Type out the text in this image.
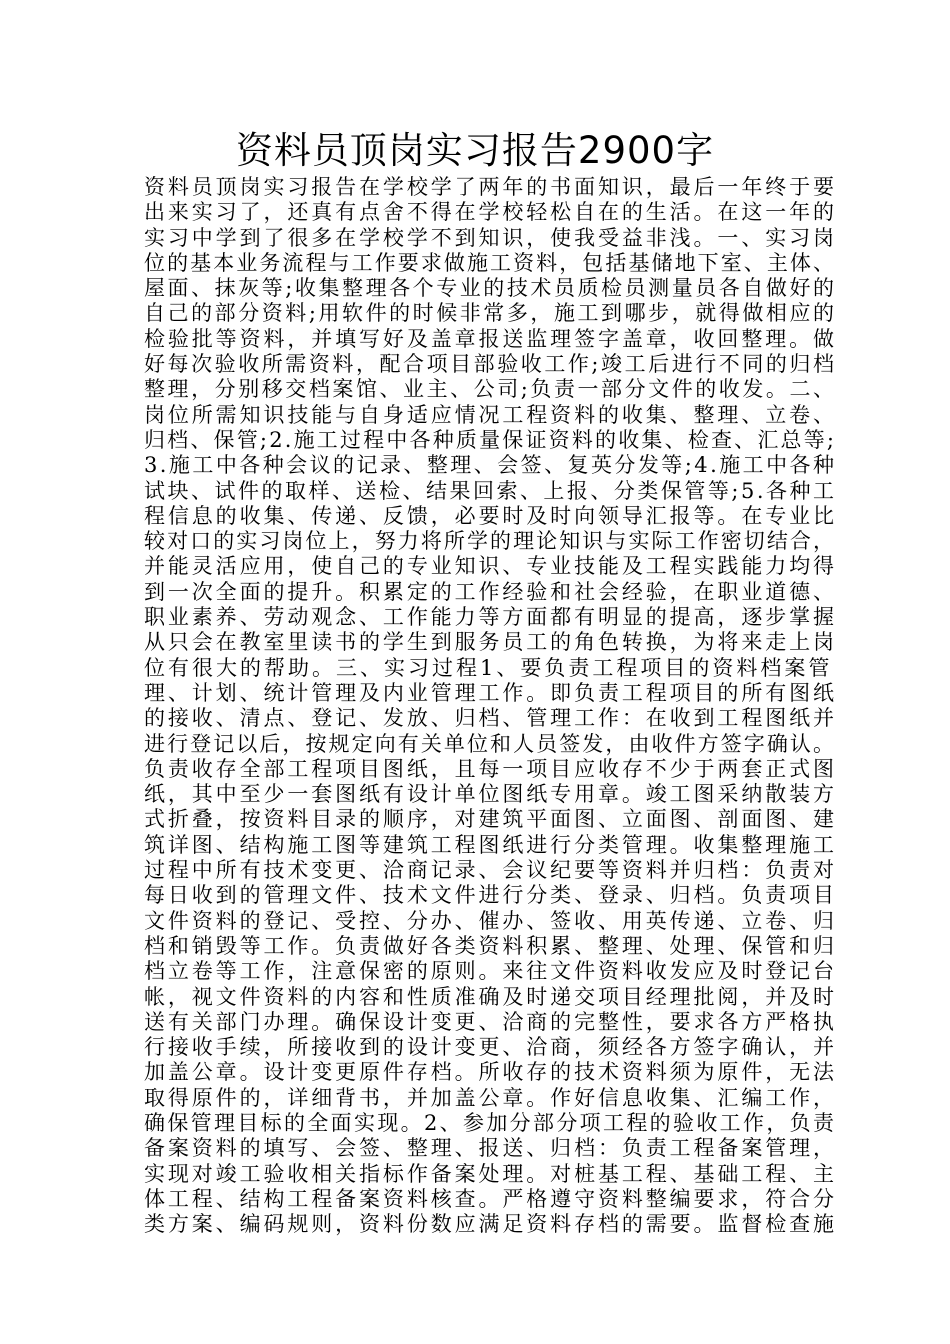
资料员顶岗实习报告2900字
资料员顶岗实习报告在学校学了两年的书面知识，最后一年终于要
出来实习了，还真有点舍不得在学校轻松自在的生活。在这一年的
实习中学到了很多在学校学不到知识，使我受益非浅。一、实习岗
位的基本业务流程与工作要求做施工资料，包括基储地下室、主体、
屋面、抹灰等;收集整理各个专业的技术员质检员测量员各自做好的
自己的部分资料;用软件的时候非常多，施工到哪步，就得做相应的
检验批等资料，并填写好及盖章报送监理签字盖章，收回整理。做
好每次验收所需资料，配合项目部验收工作;竣工后进行不同的归档
整理，分别移交档案馆、业主、公司;负责一部分文件的收发。二、
岗位所需知识技能与自身适应情况工程资料的收集、整理、立卷、
归档、保管;2.施工过程中各种质量保证资料的收集、检查、汇总等;
3.施工中各种会议的记录、整理、会签、复英分发等;4.施工中各种
试块、试件的取样、送检、结果回索、上报、分类保管等;5.各种工
程信息的收集、传递、反馈，必要时及时向领导汇报等。在专业比
较对口的实习岗位上，努力将所学的理论知识与实际工作密切结合，
并能灵活应用，使自己的专业知识、专业技能及工程实践能力均得
到一次全面的提升。积累定的工作经验和社会经验，在职业道德、
职业素养、劳动观念、工作能力等方面都有明显的提高，逐步掌握
从只会在教室里读书的学生到服务员工的角色转换，为将来走上岗
位有很大的帮助。三、实习过程1、要负责工程项目的资料档案管
理、计划、统计管理及内业管理工作。即负责工程项目的所有图纸
的接收、清点、登记、发放、归档、管理工作：在收到工程图纸并
进行登记以后，按规定向有关单位和人员签发，由收件方签字确认。
负责收存全部工程项目图纸，且每一项目应收存不少于两套正式图
纸，其中至少一套图纸有设计单位图纸专用章。竣工图采纳散装方
式折叠，按资料目录的顺序，对建筑平面图、立面图、剖面图、建
筑详图、结构施工图等建筑工程图纸进行分类管理。收集整理施工
过程中所有技术变更、洽商记录、会议纪要等资料并归档：负责对
每日收到的管理文件、技术文件进行分类、登录、归档。负责项目
文件资料的登记、受控、分办、催办、签收、用英传递、立卷、归
档和销毁等工作。负责做好各类资料积累、整理、处理、保管和归
档立卷等工作，注意保密的原则。来往文件资料收发应及时登记台
帐，视文件资料的内容和性质准确及时递交项目经理批阅，并及时
送有关部门办理。确保设计变更、洽商的完整性，要求各方严格执
行接收手续，所接收到的设计变更、洽商，须经各方签字确认，并
加盖公章。设计变更原件存档。所收存的技术资料须为原件，无法
取得原件的，详细背书，并加盖公章。作好信息收集、汇编工作，
确保管理目标的全面实现。2、参加分部分项工程的验收工作，负责
备案资料的填写、会签、整理、报送、归档：负责工程备案管理，
实现对竣工验收相关指标作备案处理。对桩基工程、基础工程、主
体工程、结构工程备案资料核查。严格遵守资料整编要求，符合分
类方案、编码规则，资料份数应满足资料存档的需要。监督检查施
